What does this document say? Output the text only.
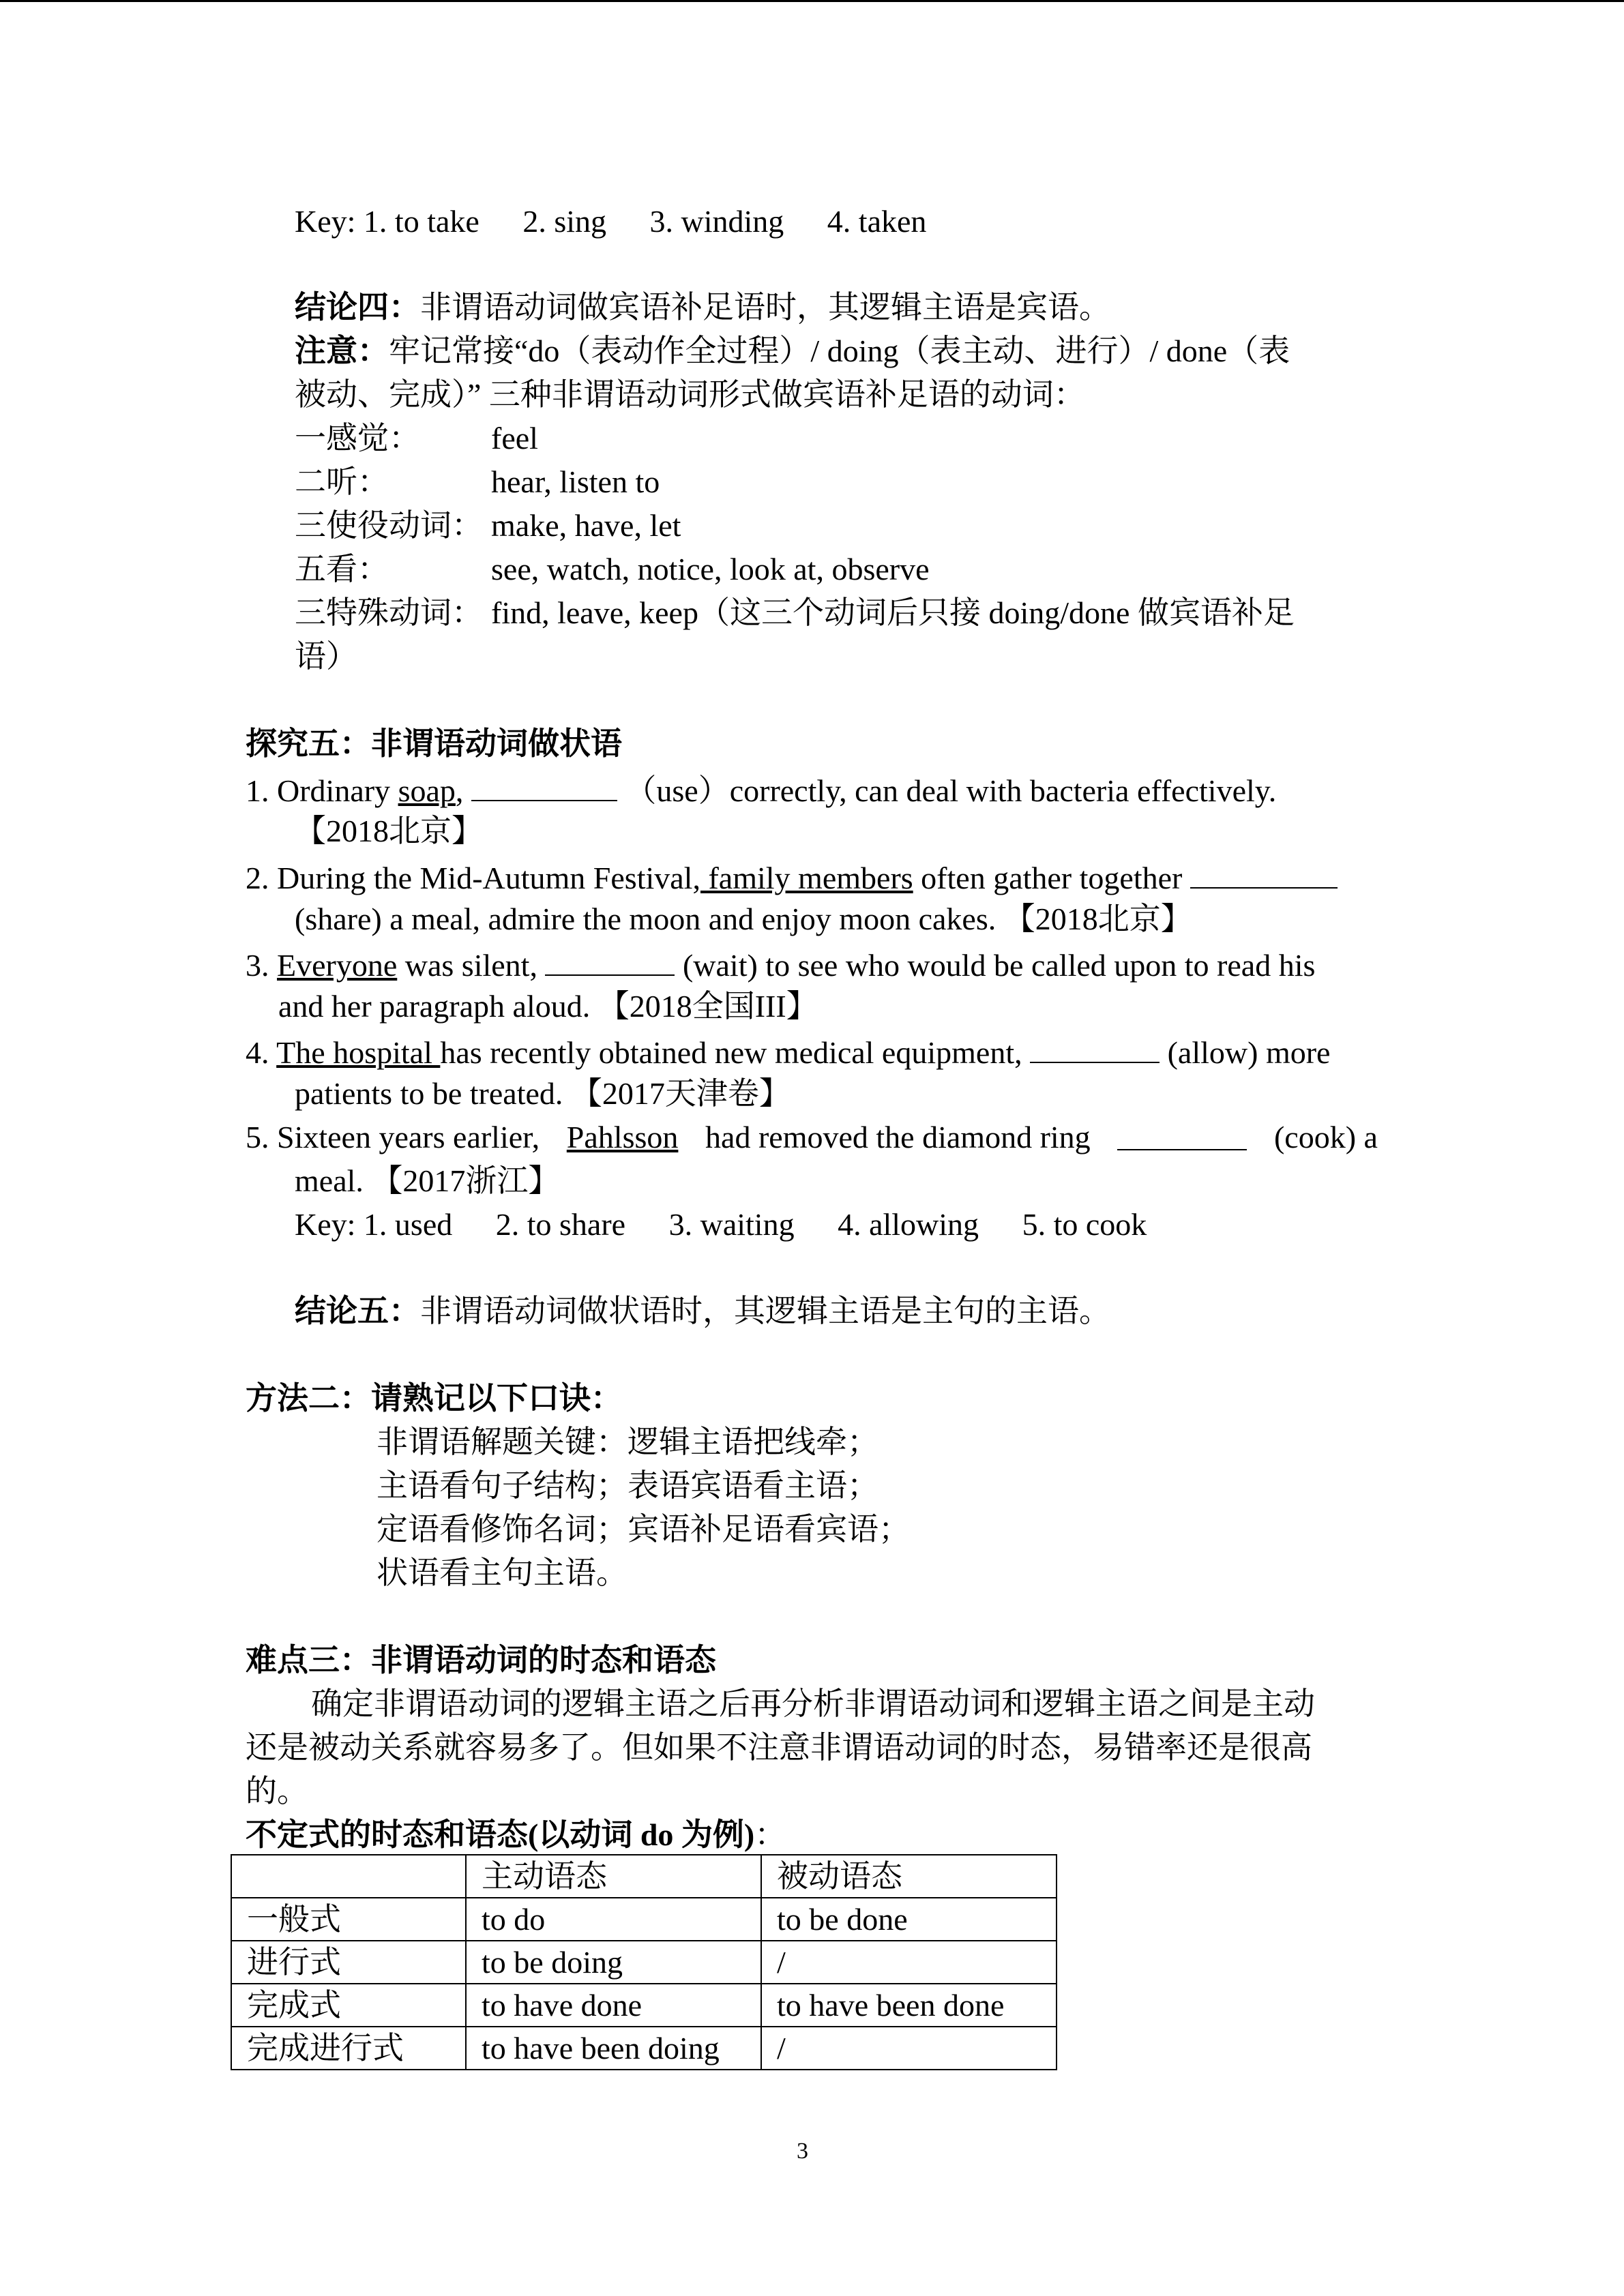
Key: 1. to take 2. sing 3. winding 4. taken
结论四：非谓语动词做宾语补足语时，其逻辑主语是宾语。
注意：牢记常接“do（表动作全过程）/ doing（表主动、进行）/ done（表
被动、完成）” 三种非谓语动词形式做宾语补足语的动词：
一感觉： feel
二听：	hear, listen to
三使役动词： make, have, let
五看：	see, watch, notice, look at, observe
三特殊动词： find, leave, keep（这三个动词后只接 doing/done 做宾语补足
语）
探究五：非谓语动词做状语
1. Ordinary soap,	（use）correctly, can deal with bacteria effectively.
【2018北京】
2. During the Mid-Autumn Festival, family members often gather together
(share) a meal, admire the moon and enjoy moon cakes. 【2018北京】
3. Everyone was silent,	(wait) to see who would be called upon to read his
and her paragraph aloud. 【2018全国III】
4. The hospital has recently obtained new medical equipment,	(allow) more
patients to be treated. 【2017天津卷】
5. Sixteen years earlier, Pahlsson had removed the diamond ring	(cook) a
meal. 【2017浙江】
Key: 1. used 2. to share 3. waiting 4. allowing 5. to cook
结论五：非谓语动词做状语时，其逻辑主语是主句的主语。
方法二：请熟记以下口诀：
非谓语解题关键：逻辑主语把线牵；
主语看句子结构；表语宾语看主语；
定语看修饰名词；宾语补足语看宾语；
状语看主句主语。
难点三：非谓语动词的时态和语态
确定非谓语动词的逻辑主语之后再分析非谓语动词和逻辑主语之间是主动
还是被动关系就容易多了。但如果不注意非谓语动词的时态，易错率还是很高
的。
不定式的时态和语态(以动词 do 为例)：
	主动语态	被动语态
一般式	to do	to be done
进行式	to be doing	/
完成式	to have done	to have been done
完成进行式	to have been doing	/
3
